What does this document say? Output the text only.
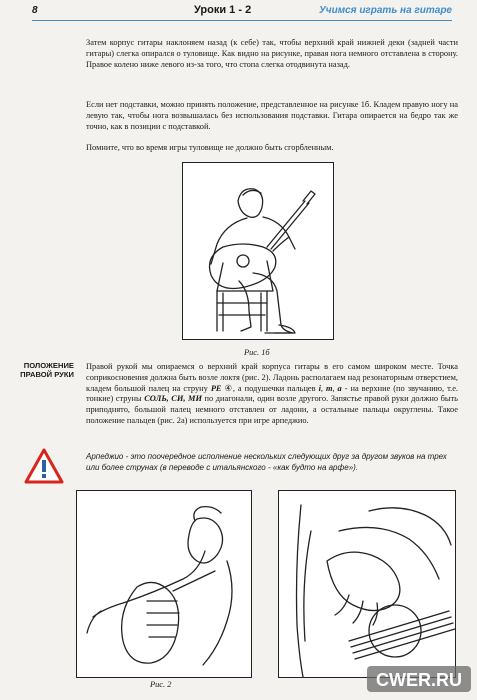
8	Уроки 1 - 2	Учимся играть на гитаре

Затем корпус гитары наклоняем назад (к себе) так, чтобы верхний край нижней деки (задней части гитары) слегка опирался о туловище. Как видно на рисунке, правая нога немного отставлена в сторону. Правое колено ниже левого из-за того, что стопа слегка отодвинута назад.

Если нет подставки, можно принять положение, представленное на рисунке 1б. Кладем правую ногу на левую так, чтобы нога возвышалась без использования подставки. Гитара опирается на бедро так же точно, как в позиции с подставкой.

Помните, что во время игры туловище не должно быть сгорбленным.

Рис. 1б
ПОЛОЖЕНИЕ
ПРАВОЙ РУКИ

Правой рукой мы опираемся о верхний край корпуса гитары в его самом широком месте. Точка соприкосновения должна быть возле локтя (рис. 2). Ладонь располагаем над резонаторным отверстием, кладем большой палец на струну РЕ ④, а подушечки пальцев i, m, a - на верхние (по звучанию, т.е. тонкие) струны СОЛЬ, СИ, МИ по диагонали, один возле другого. Запястье правой руки должно быть приподнято, большой палец немного отставлен от ладони, а остальные пальцы округлены. Такое положение пальцев (рис. 2а) используется при игре арпеджио.

Арпеджио - это поочередное исполнение нескольких следующих друг за другом звуков на трех или более струнах (в переводе с итальянского - «как будто на арфе»).

Рис. 2	CWER.RU
